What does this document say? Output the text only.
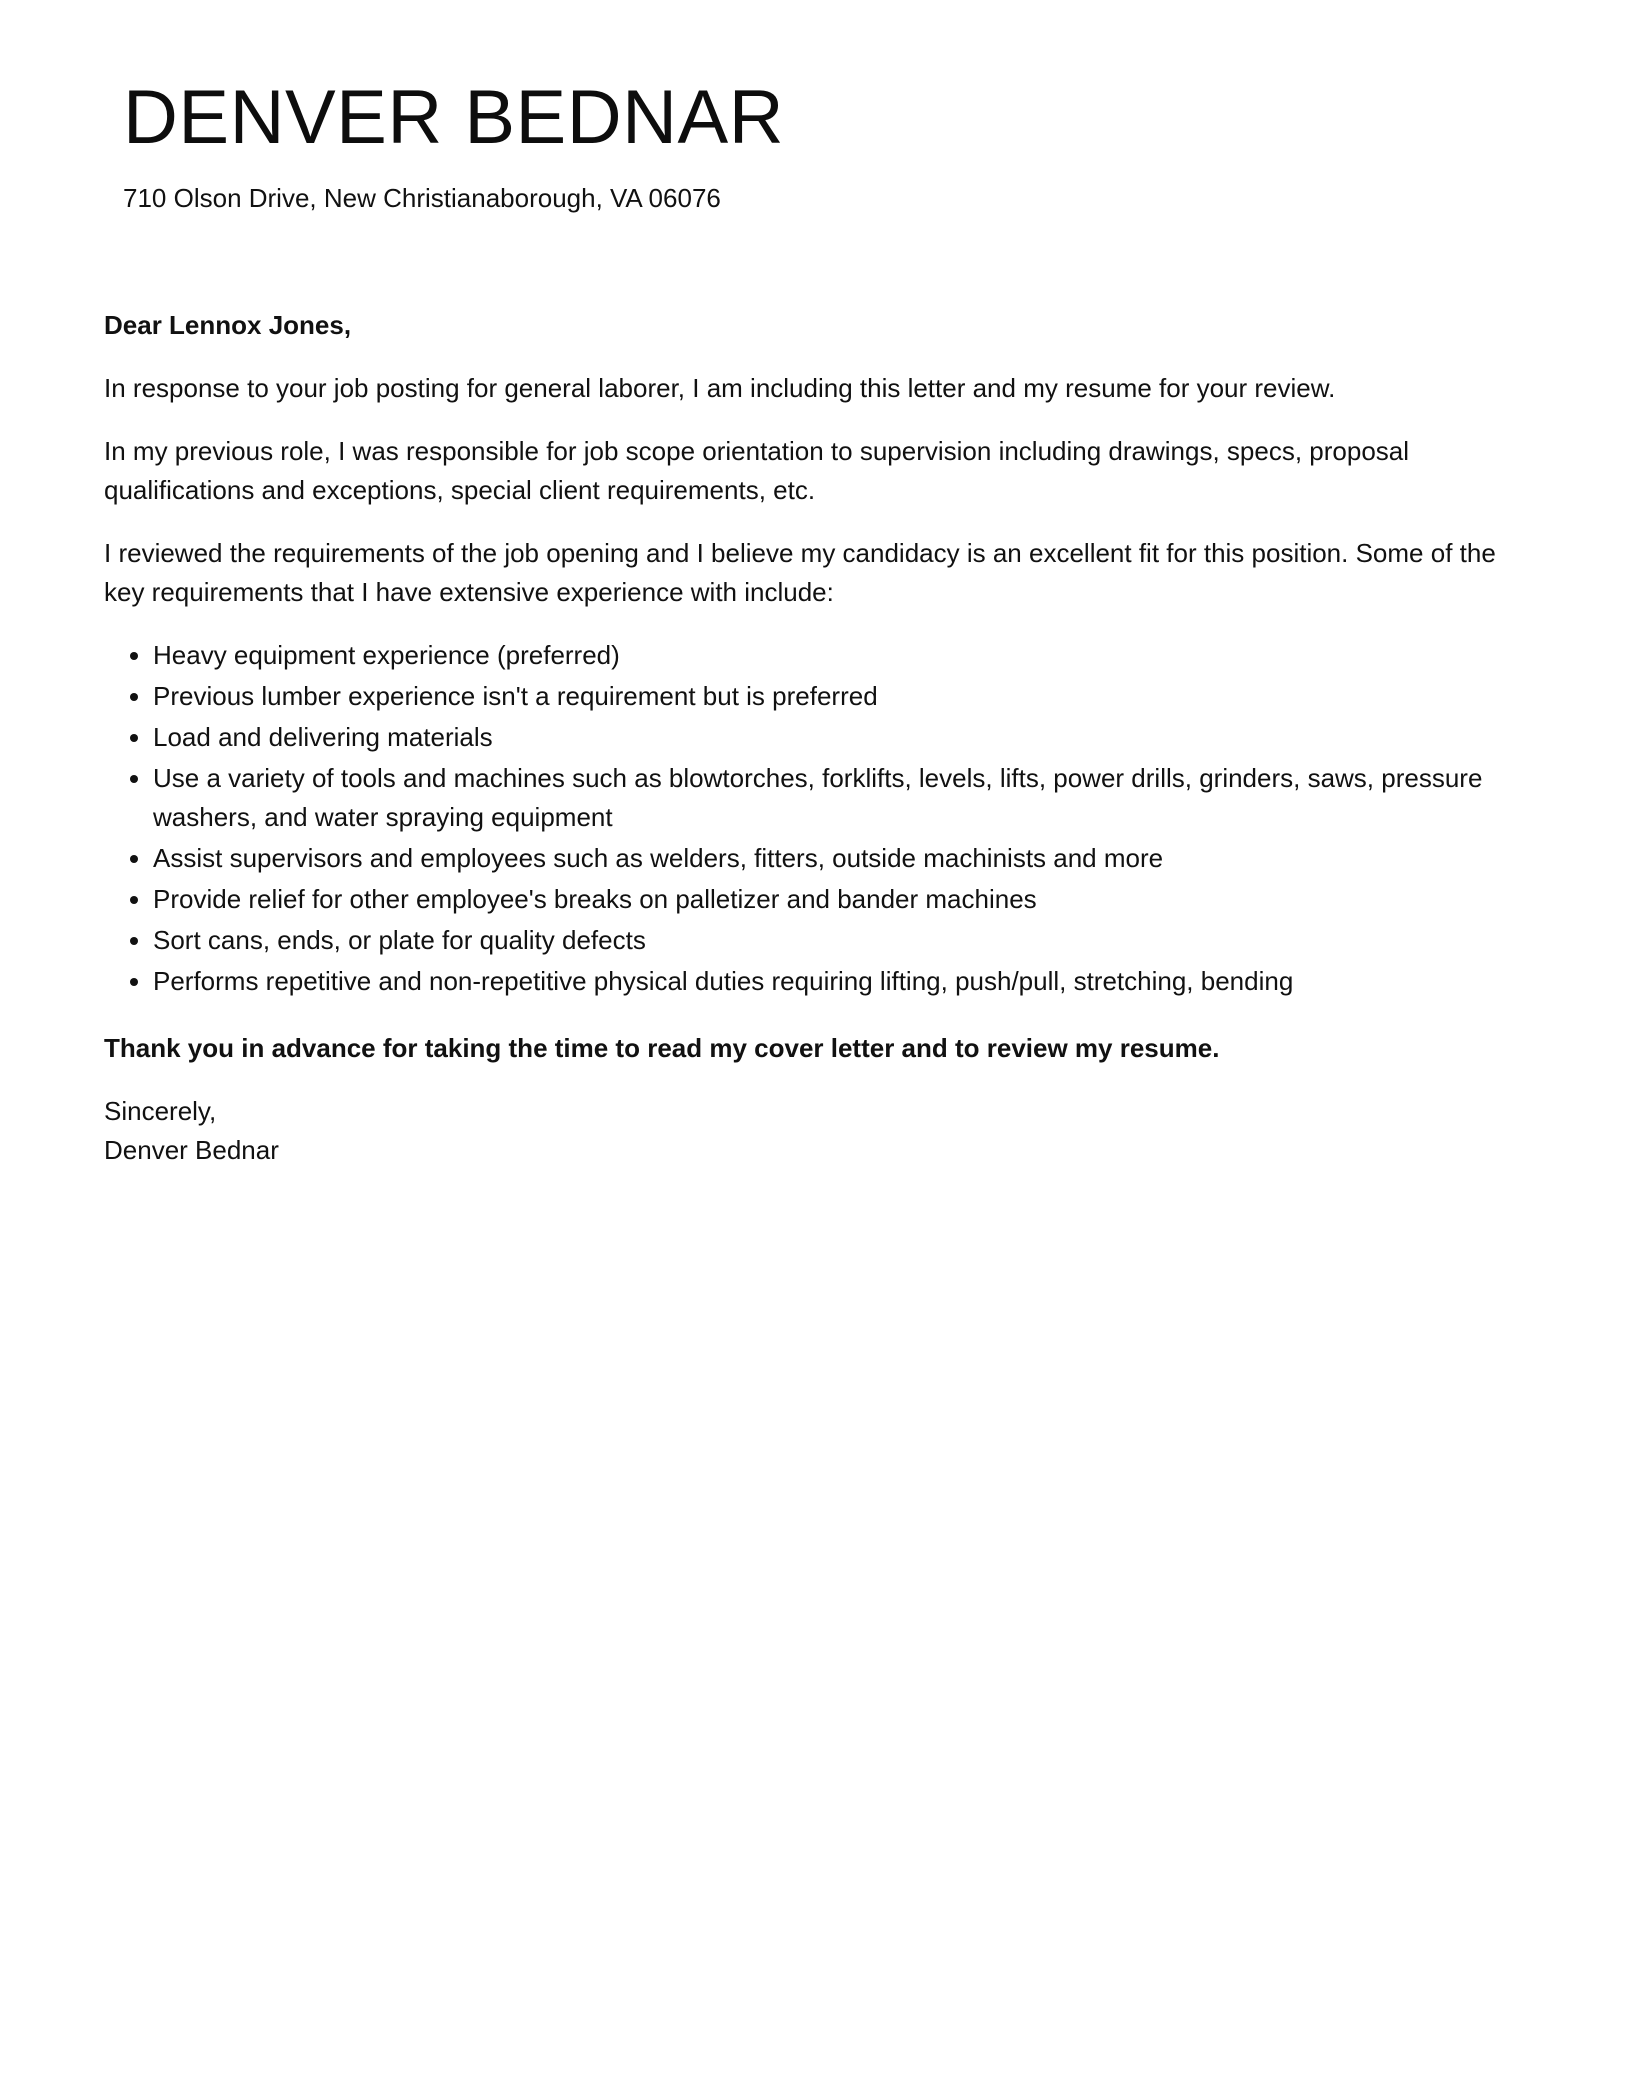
DENVER BEDNAR

710 Olson Drive, New Christianaborough, VA 06076

Dear Lennox Jones,

In response to your job posting for general laborer, I am including this letter and my resume for your review.

In my previous role, I was responsible for job scope orientation to supervision including drawings, specs, proposal qualifications and exceptions, special client requirements, etc.

I reviewed the requirements of the job opening and I believe my candidacy is an excellent fit for this position. Some of the key requirements that I have extensive experience with include:

• Heavy equipment experience (preferred)
• Previous lumber experience isn't a requirement but is preferred
• Load and delivering materials
• Use a variety of tools and machines such as blowtorches, forklifts, levels, lifts, power drills, grinders, saws, pressure washers, and water spraying equipment
• Assist supervisors and employees such as welders, fitters, outside machinists and more
• Provide relief for other employee's breaks on palletizer and bander machines
• Sort cans, ends, or plate for quality defects
• Performs repetitive and non-repetitive physical duties requiring lifting, push/pull, stretching, bending

Thank you in advance for taking the time to read my cover letter and to review my resume.

Sincerely,
Denver Bednar
